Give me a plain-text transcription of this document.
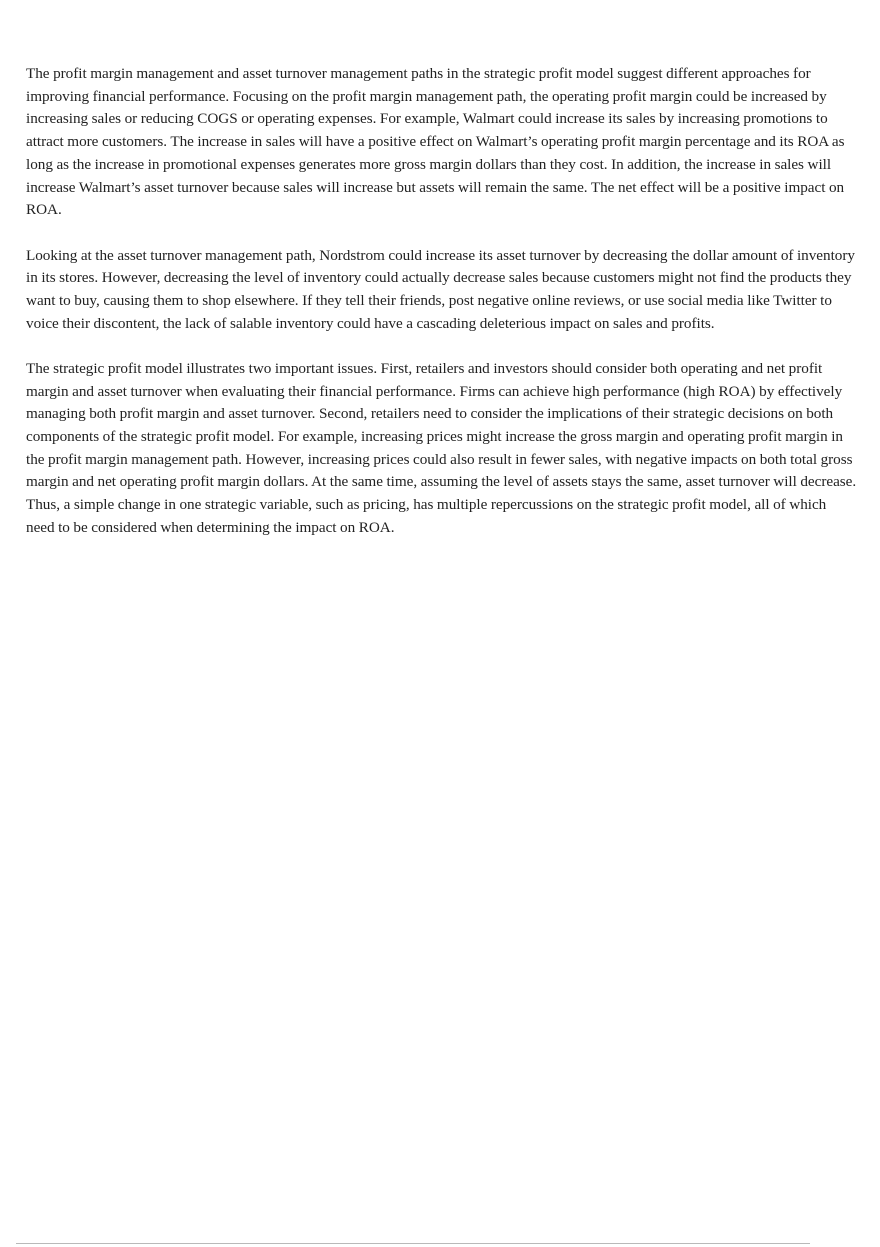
The profit margin management and asset turnover management paths in the strategic profit model suggest different approaches for improving financial performance. Focusing on the profit margin management path, the operating profit margin could be increased by increasing sales or reducing COGS or operating expenses. For example, Walmart could increase its sales by increasing promotions to attract more customers. The increase in sales will have a positive effect on Walmart’s operating profit margin percentage and its ROA as long as the increase in promotional expenses generates more gross margin dollars than they cost. In addition, the increase in sales will increase Walmart’s asset turnover because sales will increase but assets will remain the same. The net effect will be a positive impact on ROA.

Looking at the asset turnover management path, Nordstrom could increase its asset turnover by decreasing the dollar amount of inventory in its stores. However, decreasing the level of inventory could actually decrease sales because customers might not find the products they want to buy, causing them to shop elsewhere. If they tell their friends, post negative online reviews, or use social media like Twitter to voice their discontent, the lack of salable inventory could have a cascading deleterious impact on sales and profits.

The strategic profit model illustrates two important issues. First, retailers and investors should consider both operating and net profit margin and asset turnover when evaluating their financial performance. Firms can achieve high performance (high ROA) by effectively managing both profit margin and asset turnover. Second, retailers need to consider the implications of their strategic decisions on both components of the strategic profit model. For example, increasing prices might increase the gross margin and operating profit margin in the profit margin management path. However, increasing prices could also result in fewer sales, with negative impacts on both total gross margin and net operating profit margin dollars. At the same time, assuming the level of assets stays the same, asset turnover will decrease. Thus, a simple change in one strategic variable, such as pricing, has multiple repercussions on the strategic profit model, all of which need to be considered when determining the impact on ROA.
